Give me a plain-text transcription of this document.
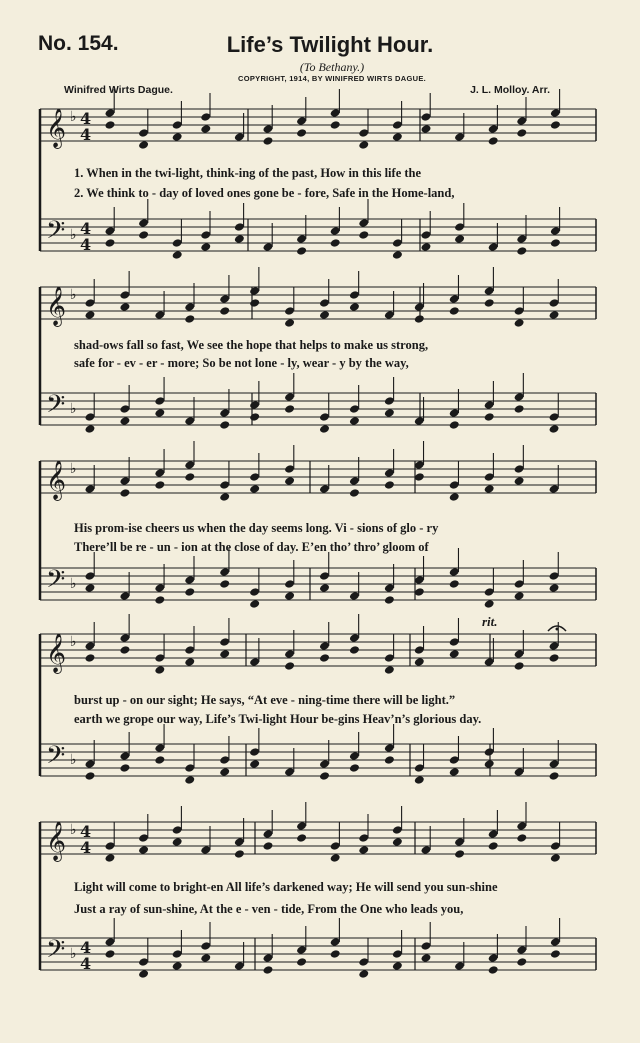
No. 154.	Life’s Twilight Hour.
(To Bethany.)
COPYRIGHT, 1914, BY WINIFRED WIRTS DAGUE.
Winifred Wirts Dague.	J. L. Molloy. Arr.
𝄞 ♭ 4
4
𝄢 ♭ 4
4
𝄞 ♭
𝄢 ♭
𝄞 ♭
𝄢 ♭
𝄞 ♭
𝄢 ♭
𝄞 ♭ 4
4
𝄢 ♭ 4
4
1. When in the twi-light, think-ing of the past, How in this life the
2. We think to - day of loved ones gone be - fore, Safe in the Home-land,
shad-ows fall so fast, We see the hope that helps to make us strong,
safe for - ev - er - more; So be not lone - ly, wear - y by the way,
His prom-ise cheers us when the day seems long. Vi - sions of glo - ry
There’ll be re - un - ion at the close of day. E’en tho’ thro’ gloom of
burst up - on our sight; He says, “At eve - ning-time there will be light.”
earth we grope our way, Life’s Twi-light Hour be-gins Heav’n’s glorious day.
Light will come to bright-en All life’s darkened way; He will send you sun-shine
Just a ray of sun-shine, At the e - ven - tide, From the One who leads you,
rit.
